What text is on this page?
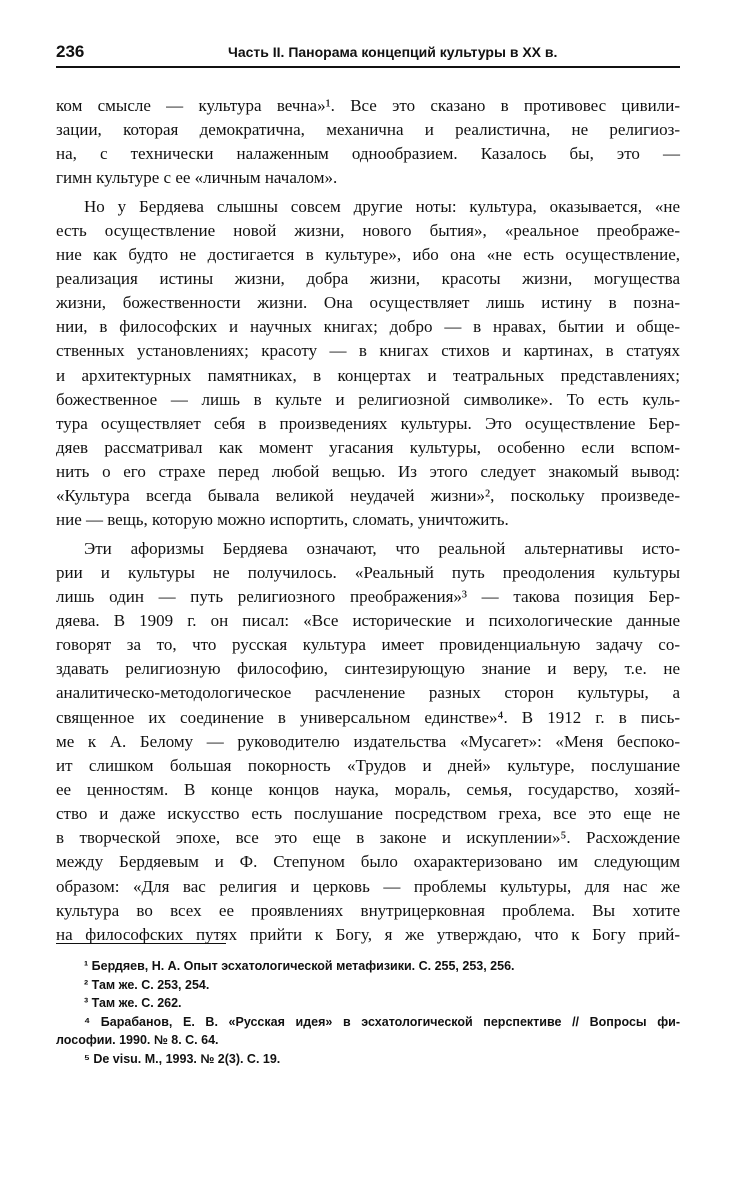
236	Часть II. Панорама концепций культуры в XX в.
ком смысле — культура вечна»¹. Все это сказано в противовес цивили-
зации, которая демократична, механична и реалистична, не религиоз-
на, с технически налаженным однообразием. Казалось бы, это —
гимн культуре с ее «личным началом».
Но у Бердяева слышны совсем другие ноты: культура, оказывается, «не
есть осуществление новой жизни, нового бытия», «реальное преображе-
ние как будто не достигается в культуре», ибо она «не есть осуществление,
реализация истины жизни, добра жизни, красоты жизни, могущества
жизни, божественности жизни. Она осуществляет лишь истину в позна-
нии, в философских и научных книгах; добро — в нравах, бытии и обще-
ственных установлениях; красоту — в книгах стихов и картинах, в статуях
и архитектурных памятниках, в концертах и театральных представлениях;
божественное — лишь в культе и религиозной символике». То есть куль-
тура осуществляет себя в произведениях культуры. Это осуществление Бер-
дяев рассматривал как момент угасания культуры, особенно если вспом-
нить о его страхе перед любой вещью. Из этого следует знакомый вывод:
«Культура всегда бывала великой неудачей жизни»², поскольку произведе-
ние — вещь, которую можно испортить, сломать, уничтожить.
Эти афоризмы Бердяева означают, что реальной альтернативы исто-
рии и культуры не получилось. «Реальный путь преодоления культуры
лишь один — путь религиозного преображения»³ — такова позиция Бер-
дяева. В 1909 г. он писал: «Все исторические и психологические данные
говорят за то, что русская культура имеет провиденциальную задачу со-
здавать религиозную философию, синтезирующую знание и веру, т.е. не
аналитическо-методологическое расчленение разных сторон культуры, а
священное их соединение в универсальном единстве»⁴. В 1912 г. в пись-
ме к А. Белому — руководителю издательства «Мусагет»: «Меня беспоко-
ит слишком большая покорность «Трудов и дней» культуре, послушание
ее ценностям. В конце концов наука, мораль, семья, государство, хозяй-
ство и даже искусство есть послушание посредством греха, все это еще не
в творческой эпохе, все это еще в законе и искуплении»⁵. Расхождение
между Бердяевым и Ф. Степуном было охарактеризовано им следующим
образом: «Для вас религия и церковь — проблемы культуры, для нас же
культура во всех ее проявлениях внутрицерковная проблема. Вы хотите
на философских путях прийти к Богу, я же утверждаю, что к Богу прий-
¹ Бердяев, Н. А. Опыт эсхатологической метафизики. С. 255, 253, 256.
² Там же. С. 253, 254.
³ Там же. С. 262.
⁴ Барабанов, Е. В. «Русская идея» в эсхатологической перспективе // Вопросы фи-
лософии. 1990. № 8. С. 64.
⁵ De visu. M., 1993. № 2(3). С. 19.
